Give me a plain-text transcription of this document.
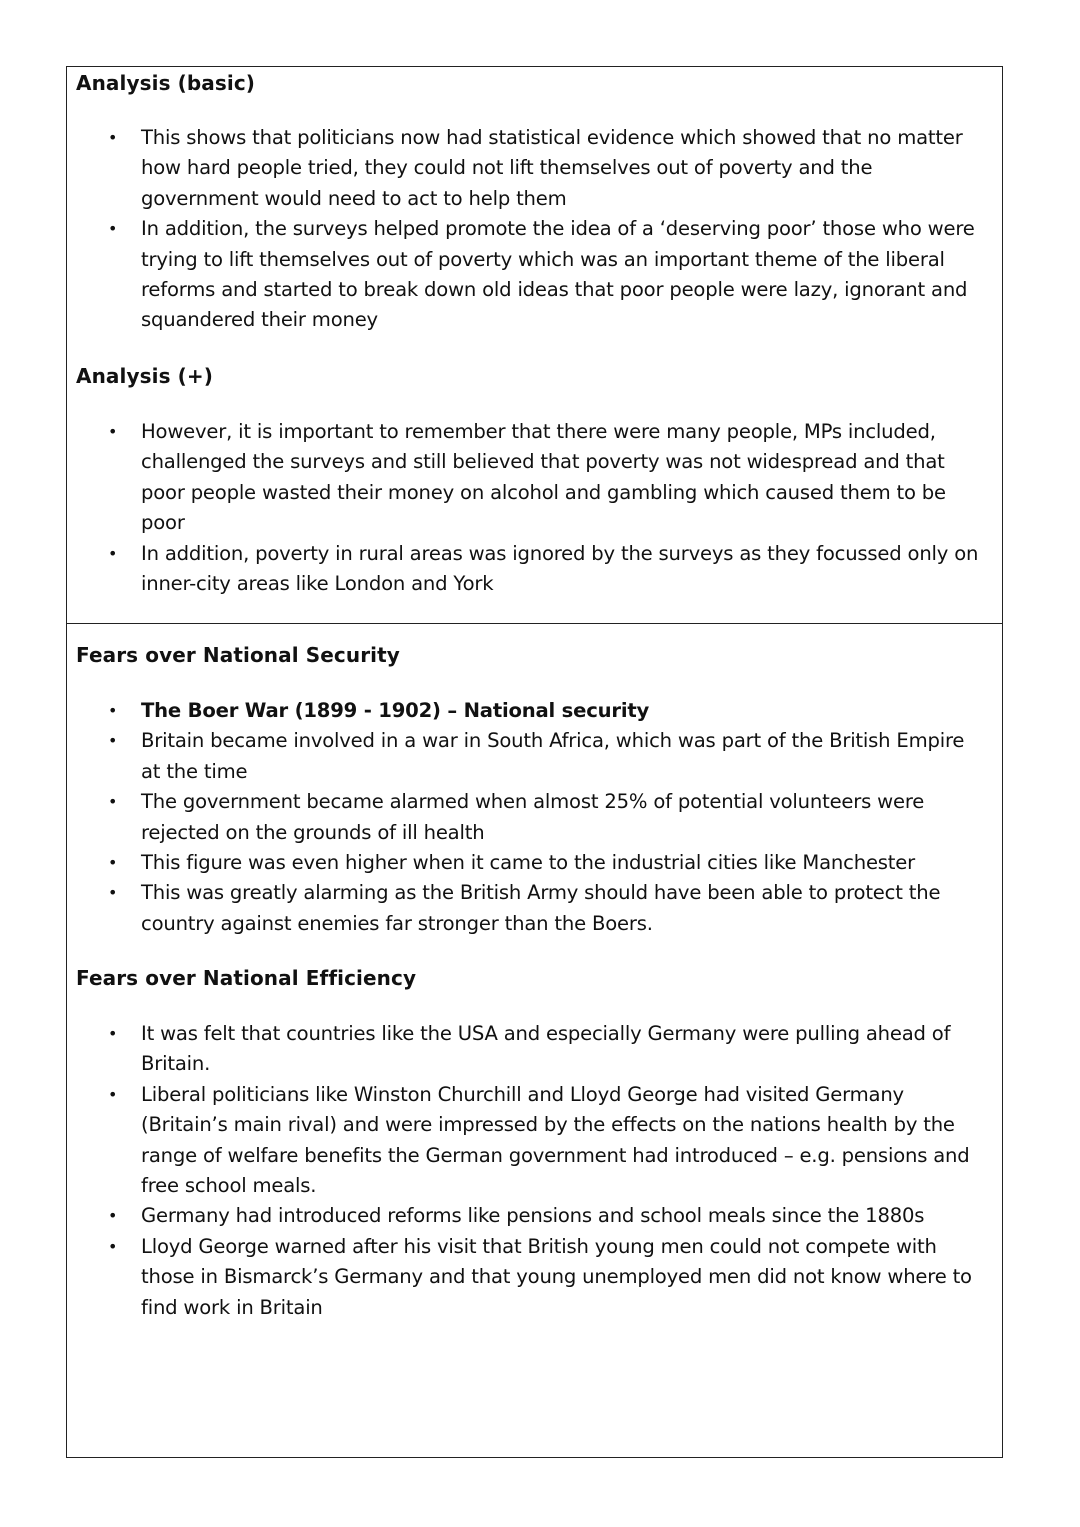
Analysis (basic)
• This shows that politicians now had statistical evidence which showed that no matter how hard people tried, they could not lift themselves out of poverty and the government would need to act to help them
• In addition, the surveys helped promote the idea of a ‘deserving poor’ those who were trying to lift themselves out of poverty which was an important theme of the liberal reforms and started to break down old ideas that poor people were lazy, ignorant and squandered their money
Analysis (+)
• However, it is important to remember that there were many people, MPs included, challenged the surveys and still believed that poverty was not widespread and that poor people wasted their money on alcohol and gambling which caused them to be poor
• In addition, poverty in rural areas was ignored by the surveys as they focussed only on inner-city areas like London and York
Fears over National Security
• The Boer War (1899 - 1902) – National security
• Britain became involved in a war in South Africa, which was part of the British Empire at the time
• The government became alarmed when almost 25% of potential volunteers were rejected on the grounds of ill health
• This figure was even higher when it came to the industrial cities like Manchester
• This was greatly alarming as the British Army should have been able to protect the country against enemies far stronger than the Boers.
Fears over National Efficiency
• It was felt that countries like the USA and especially Germany were pulling ahead of Britain.
• Liberal politicians like Winston Churchill and Lloyd George had visited Germany (Britain’s main rival) and were impressed by the effects on the nations health by the range of welfare benefits the German government had introduced – e.g. pensions and free school meals.
• Germany had introduced reforms like pensions and school meals since the 1880s
• Lloyd George warned after his visit that British young men could not compete with those in Bismarck’s Germany and that young unemployed men did not know where to find work in Britain
